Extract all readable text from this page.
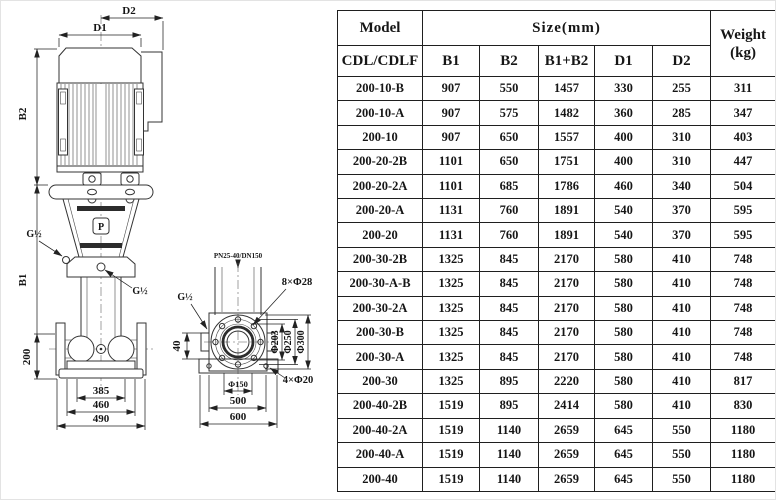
P
D2
D1
B2
B1
200
G½
G½
385
460
490
PN25-40/DN150
G½
40
8×Φ28
Φ203 Φ250 Φ300
4×Φ20
Φ150
500
600
Model	Size(mm)					Weight
(kg)

CDL/CDLF	B1	B2	B1+B2	D1	D2	
200-10-B	907	550	1457	330	255	311
200-10-A	907	575	1482	360	285	347
200-10	907	650	1557	400	310	403
200-20-2B	1101	650	1751	400	310	447
200-20-2A	1101	685	1786	460	340	504
200-20-A	1131	760	1891	540	370	595
200-20	1131	760	1891	540	370	595
200-30-2B	1325	845	2170	580	410	748
200-30-A-B	1325	845	2170	580	410	748
200-30-2A	1325	845	2170	580	410	748
200-30-B	1325	845	2170	580	410	748
200-30-A	1325	845	2170	580	410	748
200-30	1325	895	2220	580	410	817
200-40-2B	1519	895	2414	580	410	830
200-40-2A	1519	1140	2659	645	550	1180
200-40-A	1519	1140	2659	645	550	1180
200-40	1519	1140	2659	645	550	1180
